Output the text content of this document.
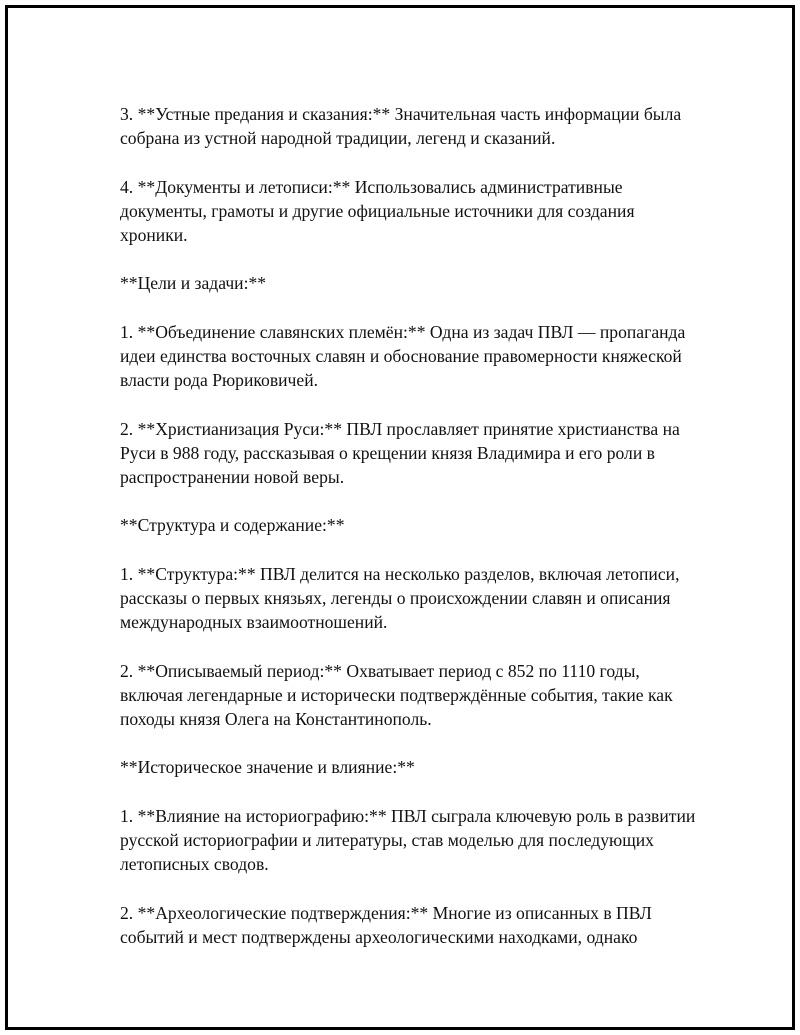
3. **Устные предания и сказания:** Значительная часть информации была собрана из устной народной традиции, легенд и сказаний.

4. **Документы и летописи:** Использовались административные документы, грамоты и другие официальные источники для создания хроники.

**Цели и задачи:**

1. **Объединение славянских племён:** Одна из задач ПВЛ — пропаганда идеи единства восточных славян и обоснование правомерности княжеской власти рода Рюриковичей.

2. **Христианизация Руси:** ПВЛ прославляет принятие христианства на Руси в 988 году, рассказывая о крещении князя Владимира и его роли в распространении новой веры.

**Структура и содержание:**

1. **Структура:** ПВЛ делится на несколько разделов, включая летописи, рассказы о первых князьях, легенды о происхождении славян и описания международных взаимоотношений.

2. **Описываемый период:** Охватывает период с 852 по 1110 годы, включая легендарные и исторически подтверждённые события, такие как походы князя Олега на Константинополь.

**Историческое значение и влияние:**

1. **Влияние на историографию:** ПВЛ сыграла ключевую роль в развитии русской историографии и литературы, став моделью для последующих летописных сводов.

2. **Археологические подтверждения:** Многие из описанных в ПВЛ событий и мест подтверждены археологическими находками, однако
